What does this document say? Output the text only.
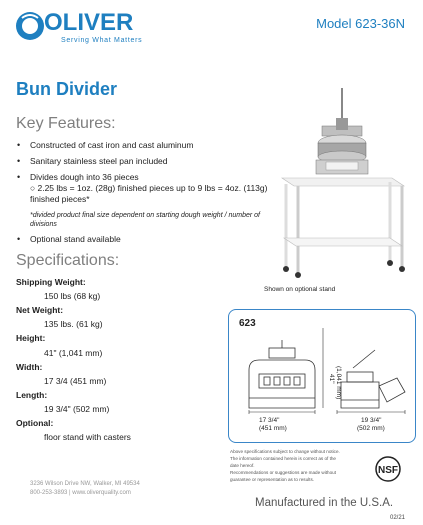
OLIVER
Serving What Matters
Model 623-36N
Bun Divider
Key Features:
• Constructed of cast iron and cast aluminum
• Sanitary stainless steel pan included
• Divides dough into 36 pieces
○ 2.25 lbs = 1oz. (28g) finished pieces up to 9 lbs = 4oz. (113g) finished pieces*
*divided product final size dependent on starting dough weight / number of divisions
• Optional stand available
Specifications:
Shipping Weight:
150 lbs (68 kg)
Net Weight:
135 lbs. (61 kg)
Height:
41" (1,041 mm)
Width:
17 3/4 (451 mm)
Length:
19 3/4" (502 mm)
Optional:
floor stand with casters
Shown on optional stand
623
17 3/4"
(451 mm)
41" (1,041 mm)
19 3/4"
(502 mm)
Above specifications subject to change without notice.
The information contained herein is correct as of the
date hereof.
Recommendations or suggestions are made without
guarantee or representation as to results.
NSF
3236 Wilson Drive NW, Walker, MI 49534
800-253-3893 | www.oliverquality.com
Manufactured in the U.S.A.
02/21
